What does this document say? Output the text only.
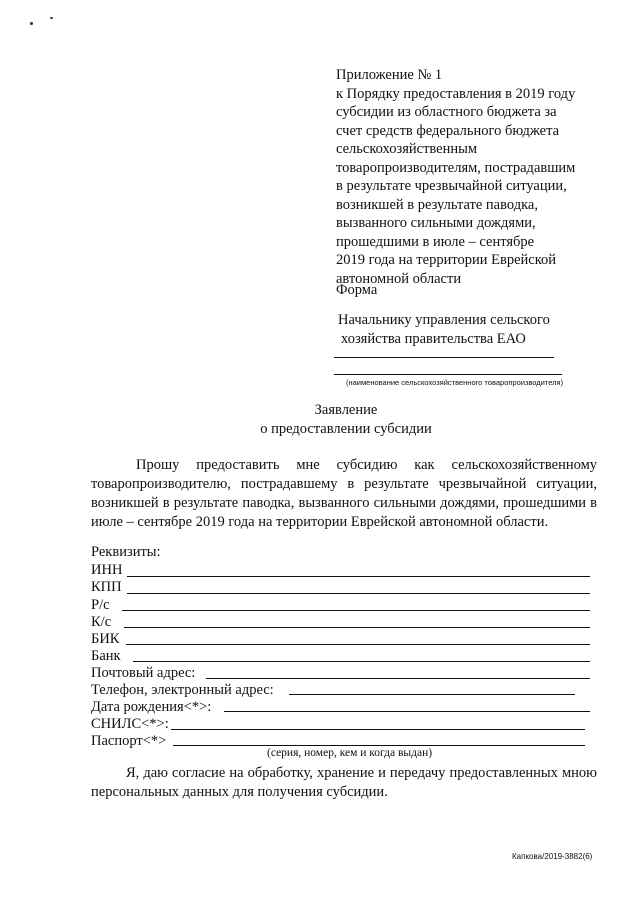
Приложение № 1
к Порядку предоставления в 2019 году
субсидии из областного бюджета за
счет средств федерального бюджета
сельскохозяйственным
товаропроизводителям, пострадавшим
в результате чрезвычайной ситуации,
возникшей в результате паводка,
вызванного сильными дождями,
прошедшими в июле – сентябре
2019 года на территории Еврейской
автономной области
Форма
Начальнику управления сельского
хозяйства правительства ЕАО
(наименование сельскохозяйственного товаропроизводителя)
Заявление
о предоставлении субсидии
Прошу предоставить мне субсидию как сельскохозяйственному товаропроизводителю, пострадавшему в результате чрезвычайной ситуации, возникшей в результате паводка, вызванного сильными дождями, прошедшими в июле – сентябре 2019 года на территории Еврейской автономной области.
Реквизиты:
ИНН
КПП
Р/с
К/с
БИК
Банк
Почтовый адрес:
Телефон, электронный адрес:
Дата рождения<*>:
СНИЛС<*>:
Паспорт<*>
(серия, номер, кем и когда выдан)
Я, даю согласие на обработку, хранение и передачу предоставленных мною персональных данных для получения субсидии.
Капкова/2019-3882(6)
